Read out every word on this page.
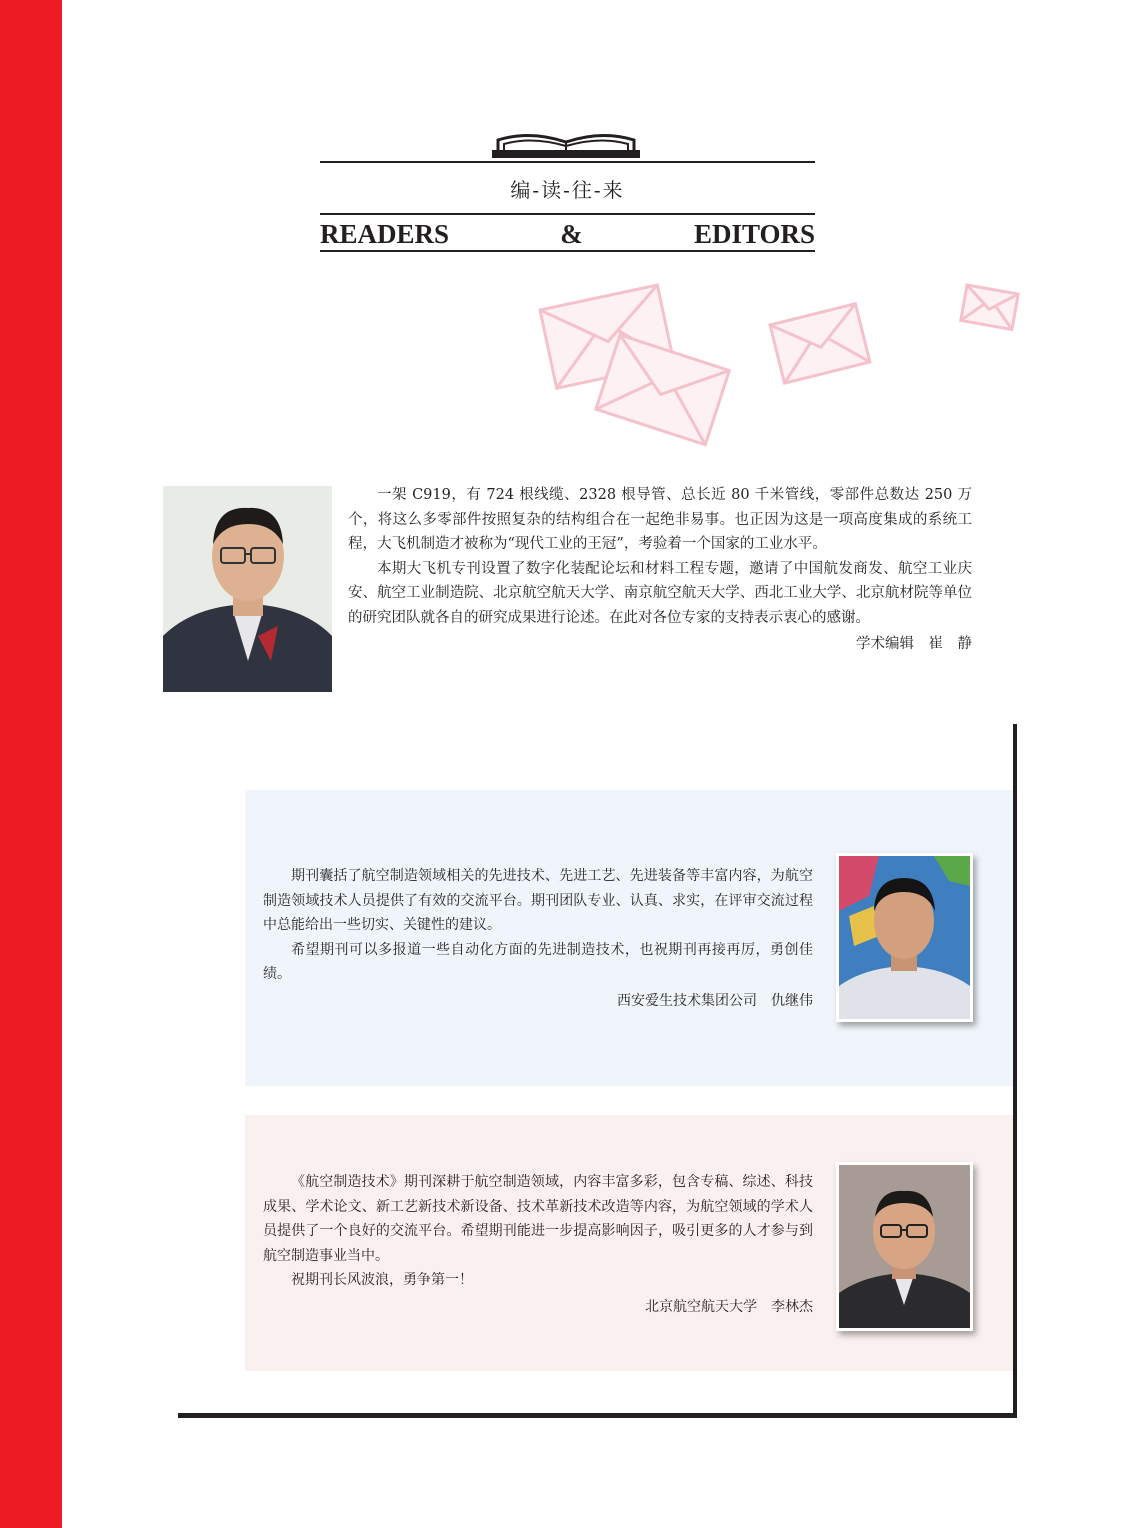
编-读-往-来
READERS	&	EDITORS

一架 C919，有 724 根线缆、2328 根导管、总长近 80 千米管线，零部件总数达 250 万个，将这么多零部件按照复杂的结构组合在一起绝非易事。也正因为这是一项高度集成的系统工程，大飞机制造才被称为“现代工业的王冠”，考验着一个国家的工业水平。

本期大飞机专刊设置了数字化装配论坛和材料工程专题，邀请了中国航发商发、航空工业庆安、航空工业制造院、北京航空航天大学、南京航空航天大学、西北工业大学、北京航材院等单位的研究团队就各自的研究成果进行论述。在此对各位专家的支持表示衷心的感谢。

学术编辑　崔　静

期刊囊括了航空制造领域相关的先进技术、先进工艺、先进装备等丰富内容，为航空制造领域技术人员提供了有效的交流平台。期刊团队专业、认真、求实，在评审交流过程中总能给出一些切实、关键性的建议。

希望期刊可以多报道一些自动化方面的先进制造技术，也祝期刊再接再厉，勇创佳绩。

西安爱生技术集团公司　仇继伟

《航空制造技术》期刊深耕于航空制造领域，内容丰富多彩，包含专稿、综述、科技成果、学术论文、新工艺新技术新设备、技术革新技术改造等内容，为航空领域的学术人员提供了一个良好的交流平台。希望期刊能进一步提高影响因子，吸引更多的人才参与到航空制造事业当中。

祝期刊长风波浪，勇争第一！

北京航空航天大学　李林杰
